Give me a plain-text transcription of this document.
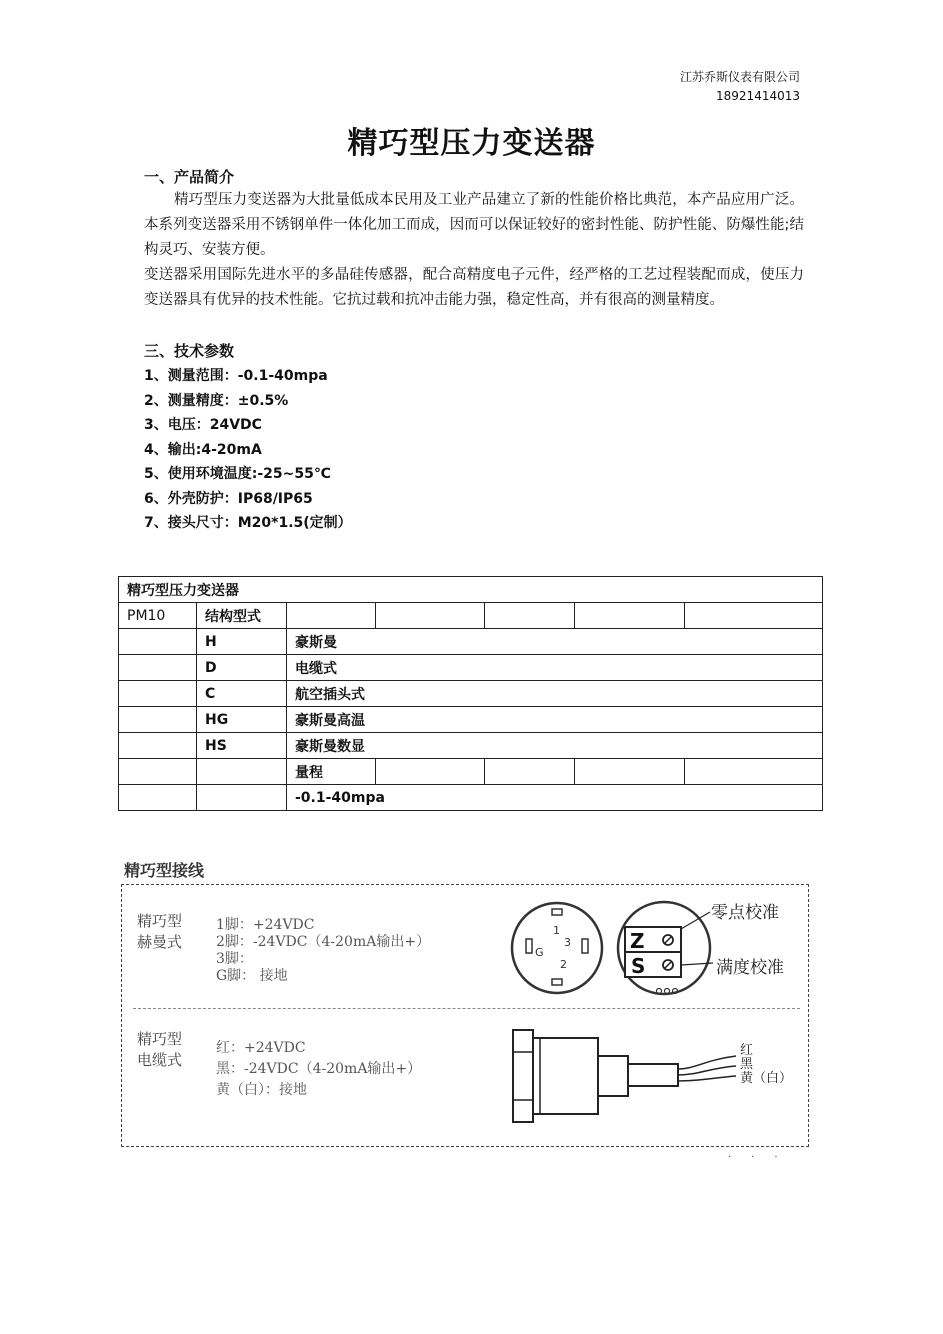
江苏乔斯仪表有限公司
18921414013
精巧型压力变送器
一、产品简介
精巧型压力变送器为大批量低成本民用及工业产品建立了新的性能价格比典范，本产品应用广泛。本系列变送器采用不锈钢单件一体化加工而成，因而可以保证较好的密封性能、防护性能、防爆性能;结构灵巧、安装方便。
变送器采用国际先进水平的多晶硅传感器，配合高精度电子元件，经严格的工艺过程装配而成，使压力变送器具有优异的技术性能。它抗过载和抗冲击能力强，稳定性高，并有很高的测量精度。
三、技术参数
1、测量范围：-0.1-40mpa
2、测量精度：±0.5%
3、电压：24VDC
4、输出:4-20mA
5、使用环境温度:-25~55℃
6、外壳防护：IP68/IP65
7、接头尺寸：M20*1.5(定制）
精巧型压力变送器						
PM10	结构型式					
	H	豪斯曼				
	D	电缆式				
	C	航空插头式				
	HG	豪斯曼高温				
	HS	豪斯曼数显				
		量程				
		-0.1-40mpa				
精巧型接线
精巧型
赫曼式
1脚：+24VDC
2脚：-24VDC（4-20mA输出+）
3脚：
G脚： 接地
1
3
G
2
Z
S
零点校准
满度校准
精巧型
电缆式
红：+24VDC
黑：-24VDC（4-20mA输出+）
黄（白）：接地
红
黑
黄（白）
···
